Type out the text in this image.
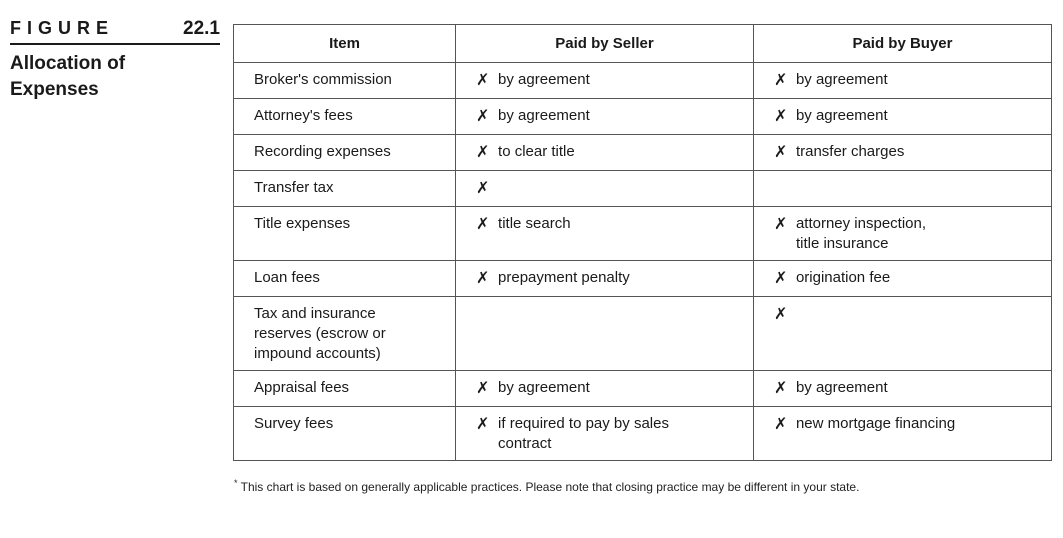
FIGURE	22.1
Allocation of
Expenses
Item	Paid by Seller	Paid by Buyer
Broker's commission	✗ by agreement	✗ by agreement

Attorney's fees	✗ by agreement	✗ by agreement

Recording expenses	✗ to clear title	✗ transfer charges

Transfer tax	✗	

Title expenses	✗ title search	✗ attorney inspection,
title insurance

Loan fees	✗ prepayment penalty	✗ origination fee

Tax and insurance
reserves (escrow or
impound accounts)		✗

Appraisal fees	✗ by agreement	✗ by agreement

Survey fees	✗ if required to pay by sales
contract	✗ new mortgage financing
* This chart is based on generally applicable practices. Please note that closing practice may be different in your state.
